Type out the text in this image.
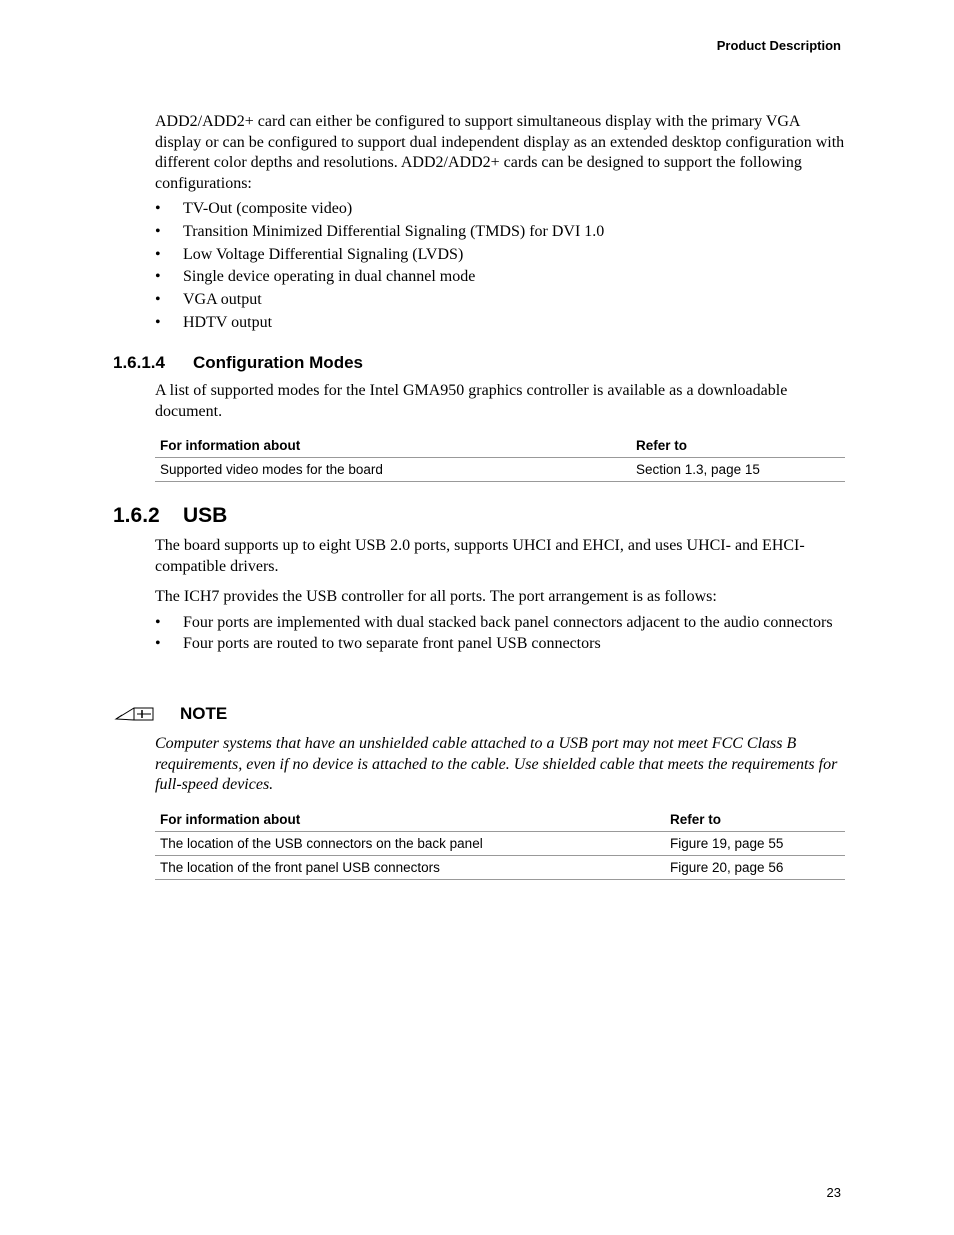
Product Description
ADD2/ADD2+ card can either be configured to support simultaneous display with the primary VGA display or can be configured to support dual independent display as an extended desktop configuration with different color depths and resolutions. ADD2/ADD2+ cards can be designed to support the following configurations:
• TV-Out (composite video)
• Transition Minimized Differential Signaling (TMDS) for DVI 1.0
• Low Voltage Differential Signaling (LVDS)
• Single device operating in dual channel mode
• VGA output
• HDTV output
1.6.1.4 Configuration Modes
A list of supported modes for the Intel GMA950 graphics controller is available as a downloadable document.
For information about	Refer to
Supported video modes for the board	Section 1.3, page 15
1.6.2 USB
The board supports up to eight USB 2.0 ports, supports UHCI and EHCI, and uses UHCI- and EHCI-compatible drivers.
The ICH7 provides the USB controller for all ports. The port arrangement is as follows:
• Four ports are implemented with dual stacked back panel connectors adjacent to the audio connectors
• Four ports are routed to two separate front panel USB connectors
NOTE
Computer systems that have an unshielded cable attached to a USB port may not meet FCC Class B requirements, even if no device is attached to the cable. Use shielded cable that meets the requirements for full-speed devices.
For information about	Refer to
The location of the USB connectors on the back panel	Figure 19, page 55
The location of the front panel USB connectors	Figure 20, page 56
23
